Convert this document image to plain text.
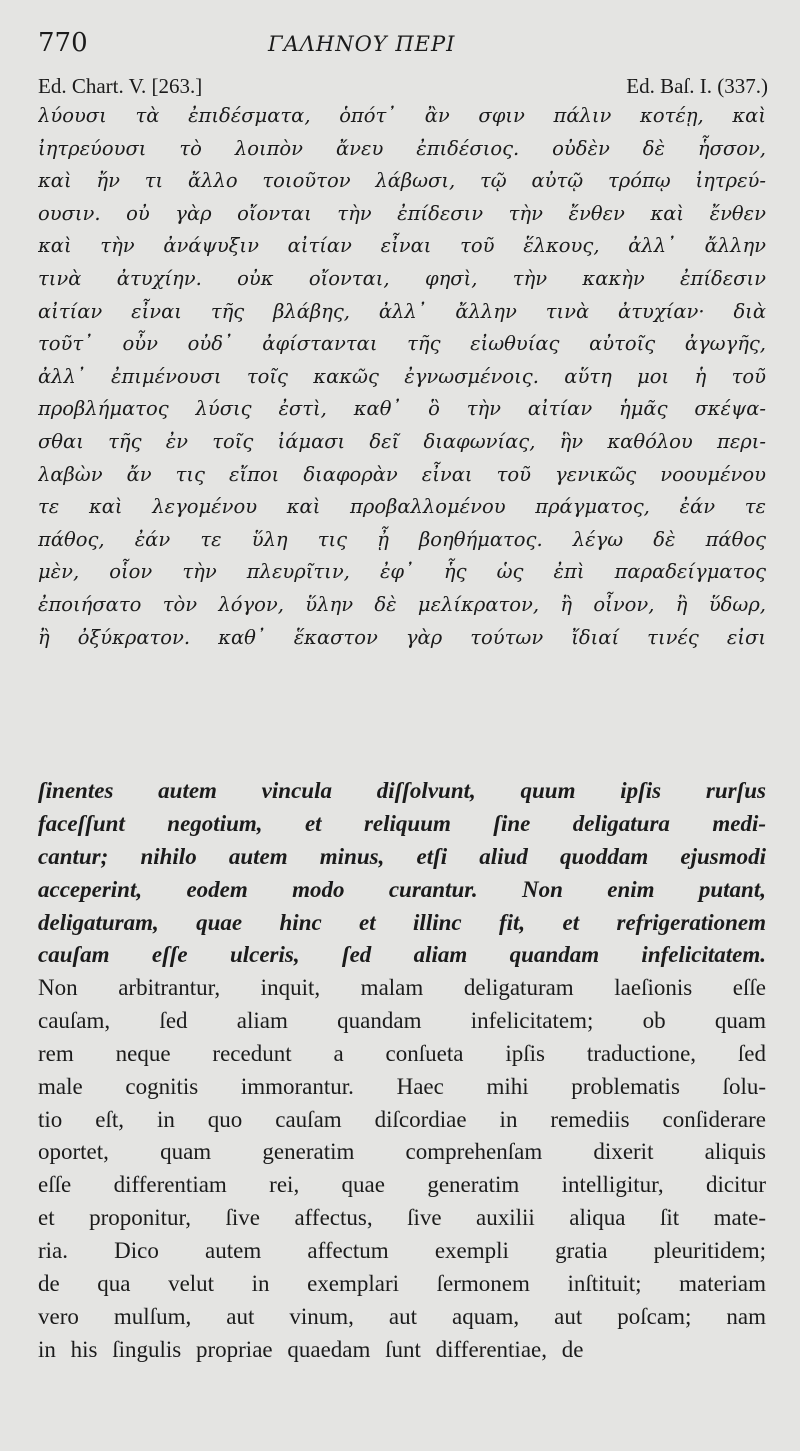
770	ΓΑΛΗΝΟΥ ΠΕΡΙ
Ed. Chart. V. [263.]	Ed. Baſ. I. (337.)
λύουσι τὰ ἐπιδέσματα, ὁπότ᾽ ἂν σφιν πάλιν κοτέῃ, καὶ
ἰητρεύουσι τὸ λοιπὸν ἄνευ ἐπιδέσιος. οὐδὲν δὲ ἧσσον,
καὶ ἤν τι ἄλλο τοιοῦτον λάβωσι, τῷ αὐτῷ τρόπῳ ἰητρεύ-
ουσιν. οὐ γὰρ οἴονται τὴν ἐπίδεσιν τὴν ἔνθεν καὶ ἔνθεν
καὶ τὴν ἀνάψυξιν αἰτίαν εἶναι τοῦ ἕλκους, ἀλλ᾽ ἄλλην
τινὰ ἀτυχίην. οὐκ οἴονται, φησὶ, τὴν κακὴν ἐπίδεσιν
αἰτίαν εἶναι τῆς βλάβης, ἀλλ᾽ ἄλλην τινὰ ἀτυχίαν· διὰ
τοῦτ᾽ οὖν οὐδ᾽ ἀφίστανται τῆς εἰωθυίας αὐτοῖς ἀγωγῆς,
ἀλλ᾽ ἐπιμένουσι τοῖς κακῶς ἐγνωσμένοις. αὕτη μοι ἡ τοῦ
προβλήματος λύσις ἐστὶ, καθ᾽ ὃ τὴν αἰτίαν ἡμᾶς σκέψα-
σθαι τῆς ἐν τοῖς ἰάμασι δεῖ διαφωνίας, ἣν καθόλου περι-
λαβὼν ἄν τις εἴποι διαφορὰν εἶναι τοῦ γενικῶς νοουμένου
τε καὶ λεγομένου καὶ προβαλλομένου πράγματος, ἐάν τε
πάθος, ἐάν τε ὕλη τις ᾖ βοηθήματος. λέγω δὲ πάθος
μὲν, οἷον τὴν πλευρῖτιν, ἐφ᾽ ἧς ὡς ἐπὶ παραδείγματος
ἐποιήσατο τὸν λόγον, ὕλην δὲ μελίκρατον, ἢ οἶνον, ἢ ὕδωρ,
ἢ ὀξύκρατον. καθ᾽ ἕκαστον γὰρ τούτων ἴδιαί τινές εἰσι
ſinentes autem vincula diſſolvunt, quum ipſis rurſus
faceſſunt negotium, et reliquum ſine deligatura medi-
cantur; nihilo autem minus, etſi aliud quoddam ejusmodi
acceperint, eodem modo curantur. Non enim putant,
deligaturam, quae hinc et illinc fit, et refrigerationem
cauſam eſſe ulceris, ſed aliam quandam infelicitatem.
Non arbitrantur, inquit, malam deligaturam laeſionis eſſe
cauſam, ſed aliam quandam infelicitatem; ob quam
rem neque recedunt a conſueta ipſis traductione, ſed
male cognitis immorantur. Haec mihi problematis ſolu-
tio eſt, in quo cauſam diſcordiae in remediis conſiderare
oportet, quam generatim comprehenſam dixerit aliquis
eſſe differentiam rei, quae generatim intelligitur, dicitur
et proponitur, ſive affectus, ſive auxilii aliqua ſit mate-
ria. Dico autem affectum exempli gratia pleuritidem;
de qua velut in exemplari ſermonem inſtituit; materiam
vero mulſum, aut vinum, aut aquam, aut poſcam; nam
in his ſingulis propriae quaedam ſunt differentiae, de
